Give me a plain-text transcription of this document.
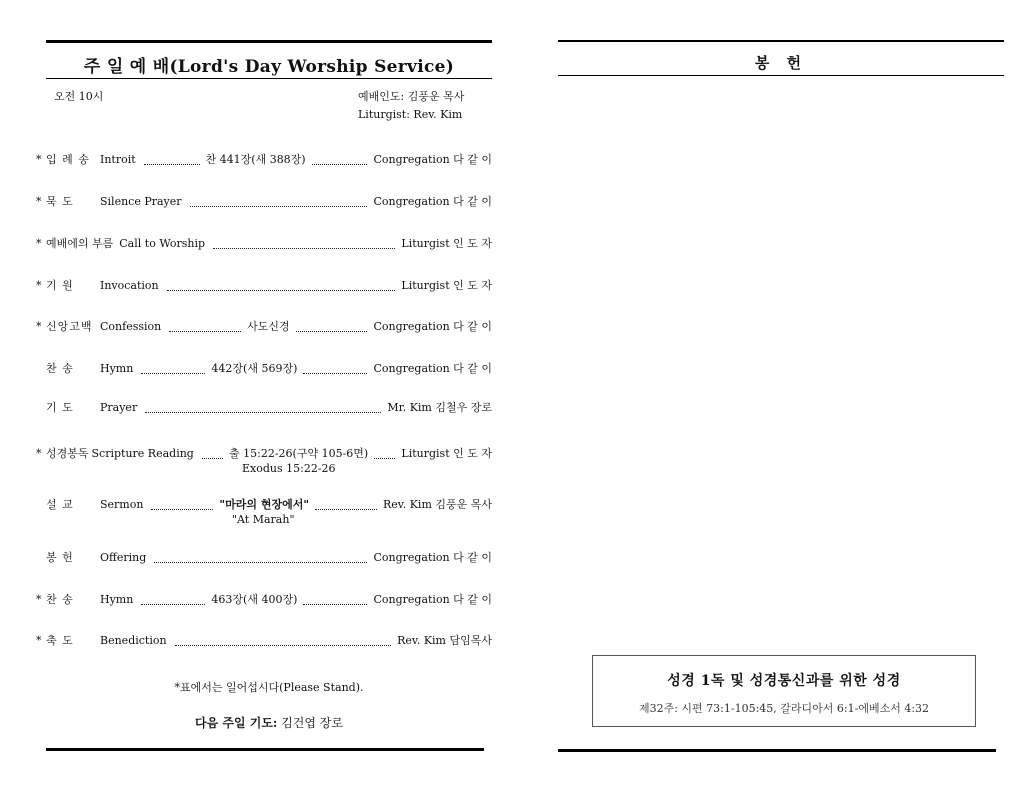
주 일 예 배(Lord's Day Worship Service)
오전 10시	예배인도: 김풍운 목사
Liturgist: Rev. Kim
* 입 례 송 Introit	찬 441장(새 388장)	Congregation 다 같 이
* 묵 도	Silence Prayer	Congregation 다 같 이
* 예배에의 부름 Call to Worship	Liturgist 인 도 자
* 기 원	Invocation	Liturgist 인 도 자
* 신앙고백 Confession	사도신경	Congregation 다 같 이
찬 송	Hymn	442장(새 569장)	Congregation 다 같 이
기 도	Prayer	Mr. Kim 김철우 장로
* 성경봉독 Scripture Reading	출 15:22-26(구약 105-6면)	Liturgist 인 도 자
Exodus 15:22-26
설 교	Sermon	"마라의 현장에서"	Rev. Kim 김풍운 목사
"At Marah"
봉 헌	Offering	Congregation 다 같 이
* 찬 송	Hymn	463장(새 400장)	Congregation 다 같 이
* 축 도	Benediction	Rev. Kim 담임목사
*표에서는 일어섭시다(Please Stand).
다음 주일 기도: 김건엽 장로
봉 헌
성경 1독 및 성경통신과를 위한 성경
제32주: 시편 73:1-105:45, 갈라디아서 6:1-에베소서 4:32
